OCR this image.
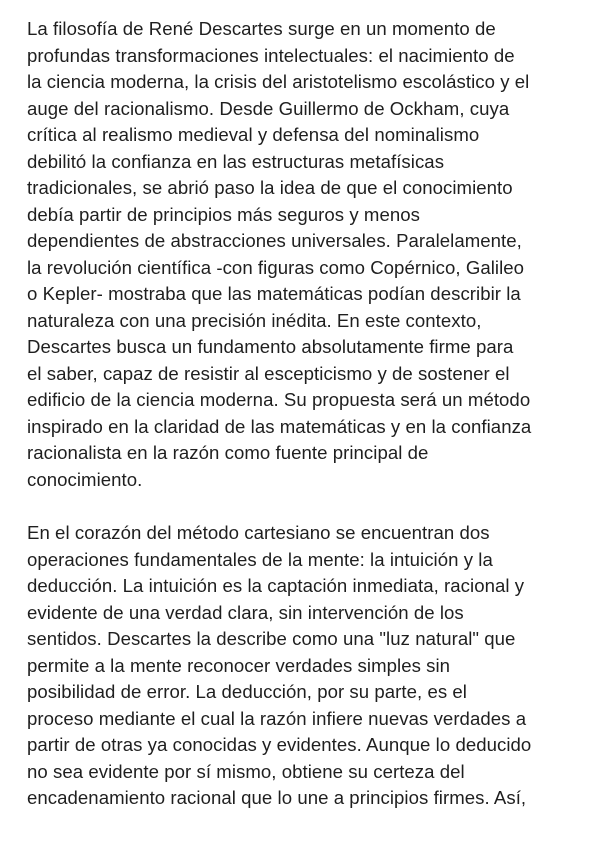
La filosofía de René Descartes surge en un momento de
profundas transformaciones intelectuales: el nacimiento de
la ciencia moderna, la crisis del aristotelismo escolástico y el
auge del racionalismo. Desde Guillermo de Ockham, cuya
crítica al realismo medieval y defensa del nominalismo
debilitó la confianza en las estructuras metafísicas
tradicionales, se abrió paso la idea de que el conocimiento
debía partir de principios más seguros y menos
dependientes de abstracciones universales. Paralelamente,
la revolución científica -con figuras como Copérnico, Galileo
o Kepler- mostraba que las matemáticas podían describir la
naturaleza con una precisión inédita. En este contexto,
Descartes busca un fundamento absolutamente firme para
el saber, capaz de resistir al escepticismo y de sostener el
edificio de la ciencia moderna. Su propuesta será un método
inspirado en la claridad de las matemáticas y en la confianza
racionalista en la razón como fuente principal de
conocimiento.

En el corazón del método cartesiano se encuentran dos
operaciones fundamentales de la mente: la intuición y la
deducción. La intuición es la captación inmediata, racional y
evidente de una verdad clara, sin intervención de los
sentidos. Descartes la describe como una "luz natural" que
permite a la mente reconocer verdades simples sin
posibilidad de error. La deducción, por su parte, es el
proceso mediante el cual la razón infiere nuevas verdades a
partir de otras ya conocidas y evidentes. Aunque lo deducido
no sea evidente por sí mismo, obtiene su certeza del
encadenamiento racional que lo une a principios firmes. Así,
